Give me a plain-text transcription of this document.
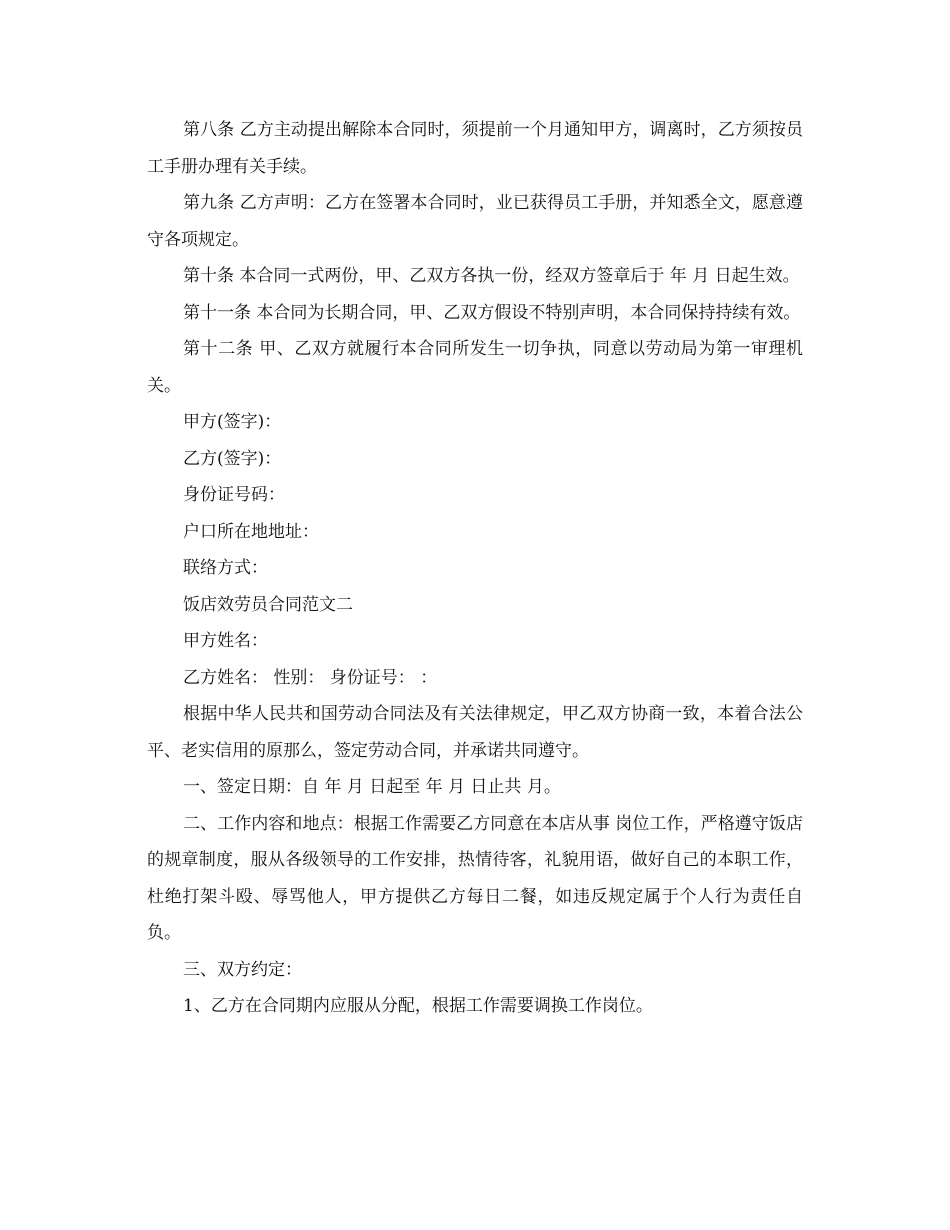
第八条 乙方主动提出解除本合同时，须提前一个月通知甲方，调离时，乙方须按员工手册办理有关手续。

第九条 乙方声明：乙方在签署本合同时，业已获得员工手册，并知悉全文，愿意遵守各项规定。

第十条 本合同一式两份，甲、乙双方各执一份，经双方签章后于 年 月 日起生效。

第十一条 本合同为长期合同，甲、乙双方假设不特别声明，本合同保持持续有效。

第十二条 甲、乙双方就履行本合同所发生一切争执，同意以劳动局为第一审理机关。

甲方(签字)：

乙方(签字)：

身份证号码：

户口所在地地址：

联络方式：

饭店效劳员合同范文二

甲方姓名：

乙方姓名： 性别： 身份证号： ：

根据中华人民共和国劳动合同法及有关法律规定，甲乙双方协商一致，本着合法公平、老实信用的原那么，签定劳动合同，并承诺共同遵守。

一、签定日期：自 年 月 日起至 年 月 日止共 月。

二、工作内容和地点：根据工作需要乙方同意在本店从事 岗位工作，严格遵守饭店的规章制度，服从各级领导的工作安排，热情待客，礼貌用语，做好自己的本职工作，杜绝打架斗殴、辱骂他人，甲方提供乙方每日二餐，如违反规定属于个人行为责任自负。

三、双方约定：

1、乙方在合同期内应服从分配，根据工作需要调换工作岗位。
